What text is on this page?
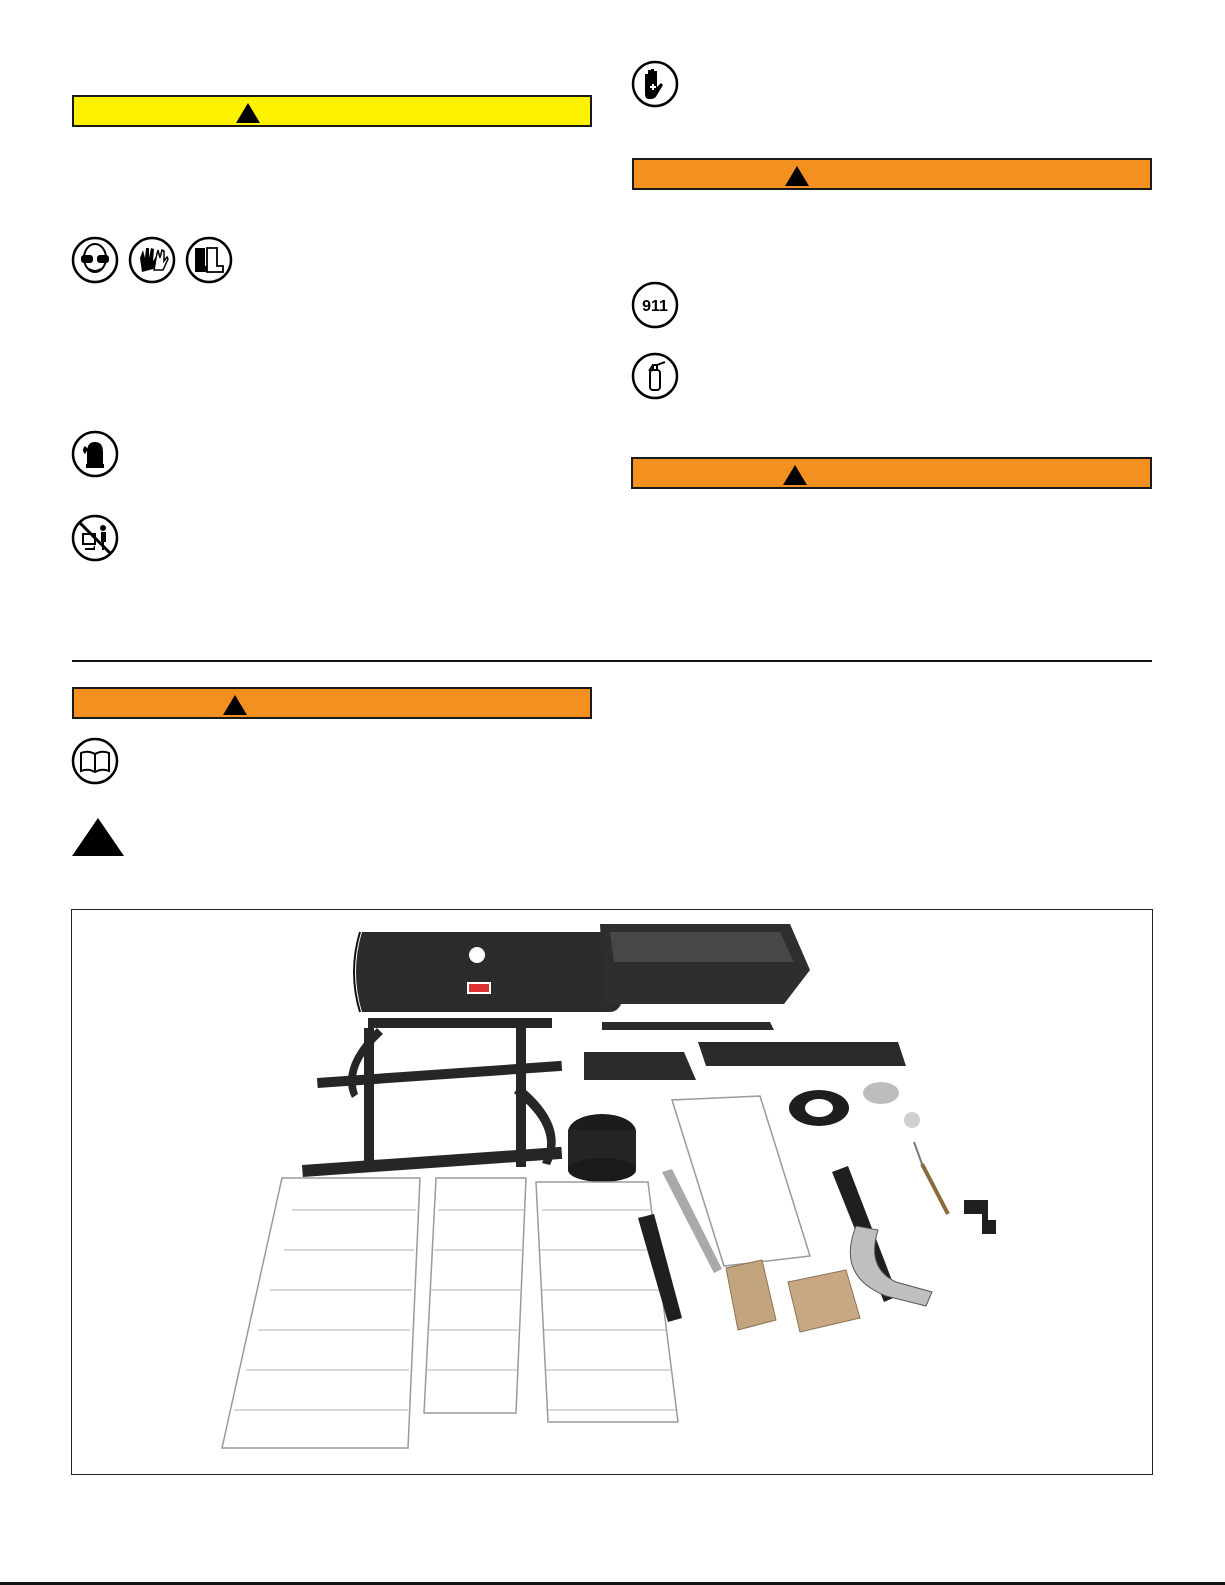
911
